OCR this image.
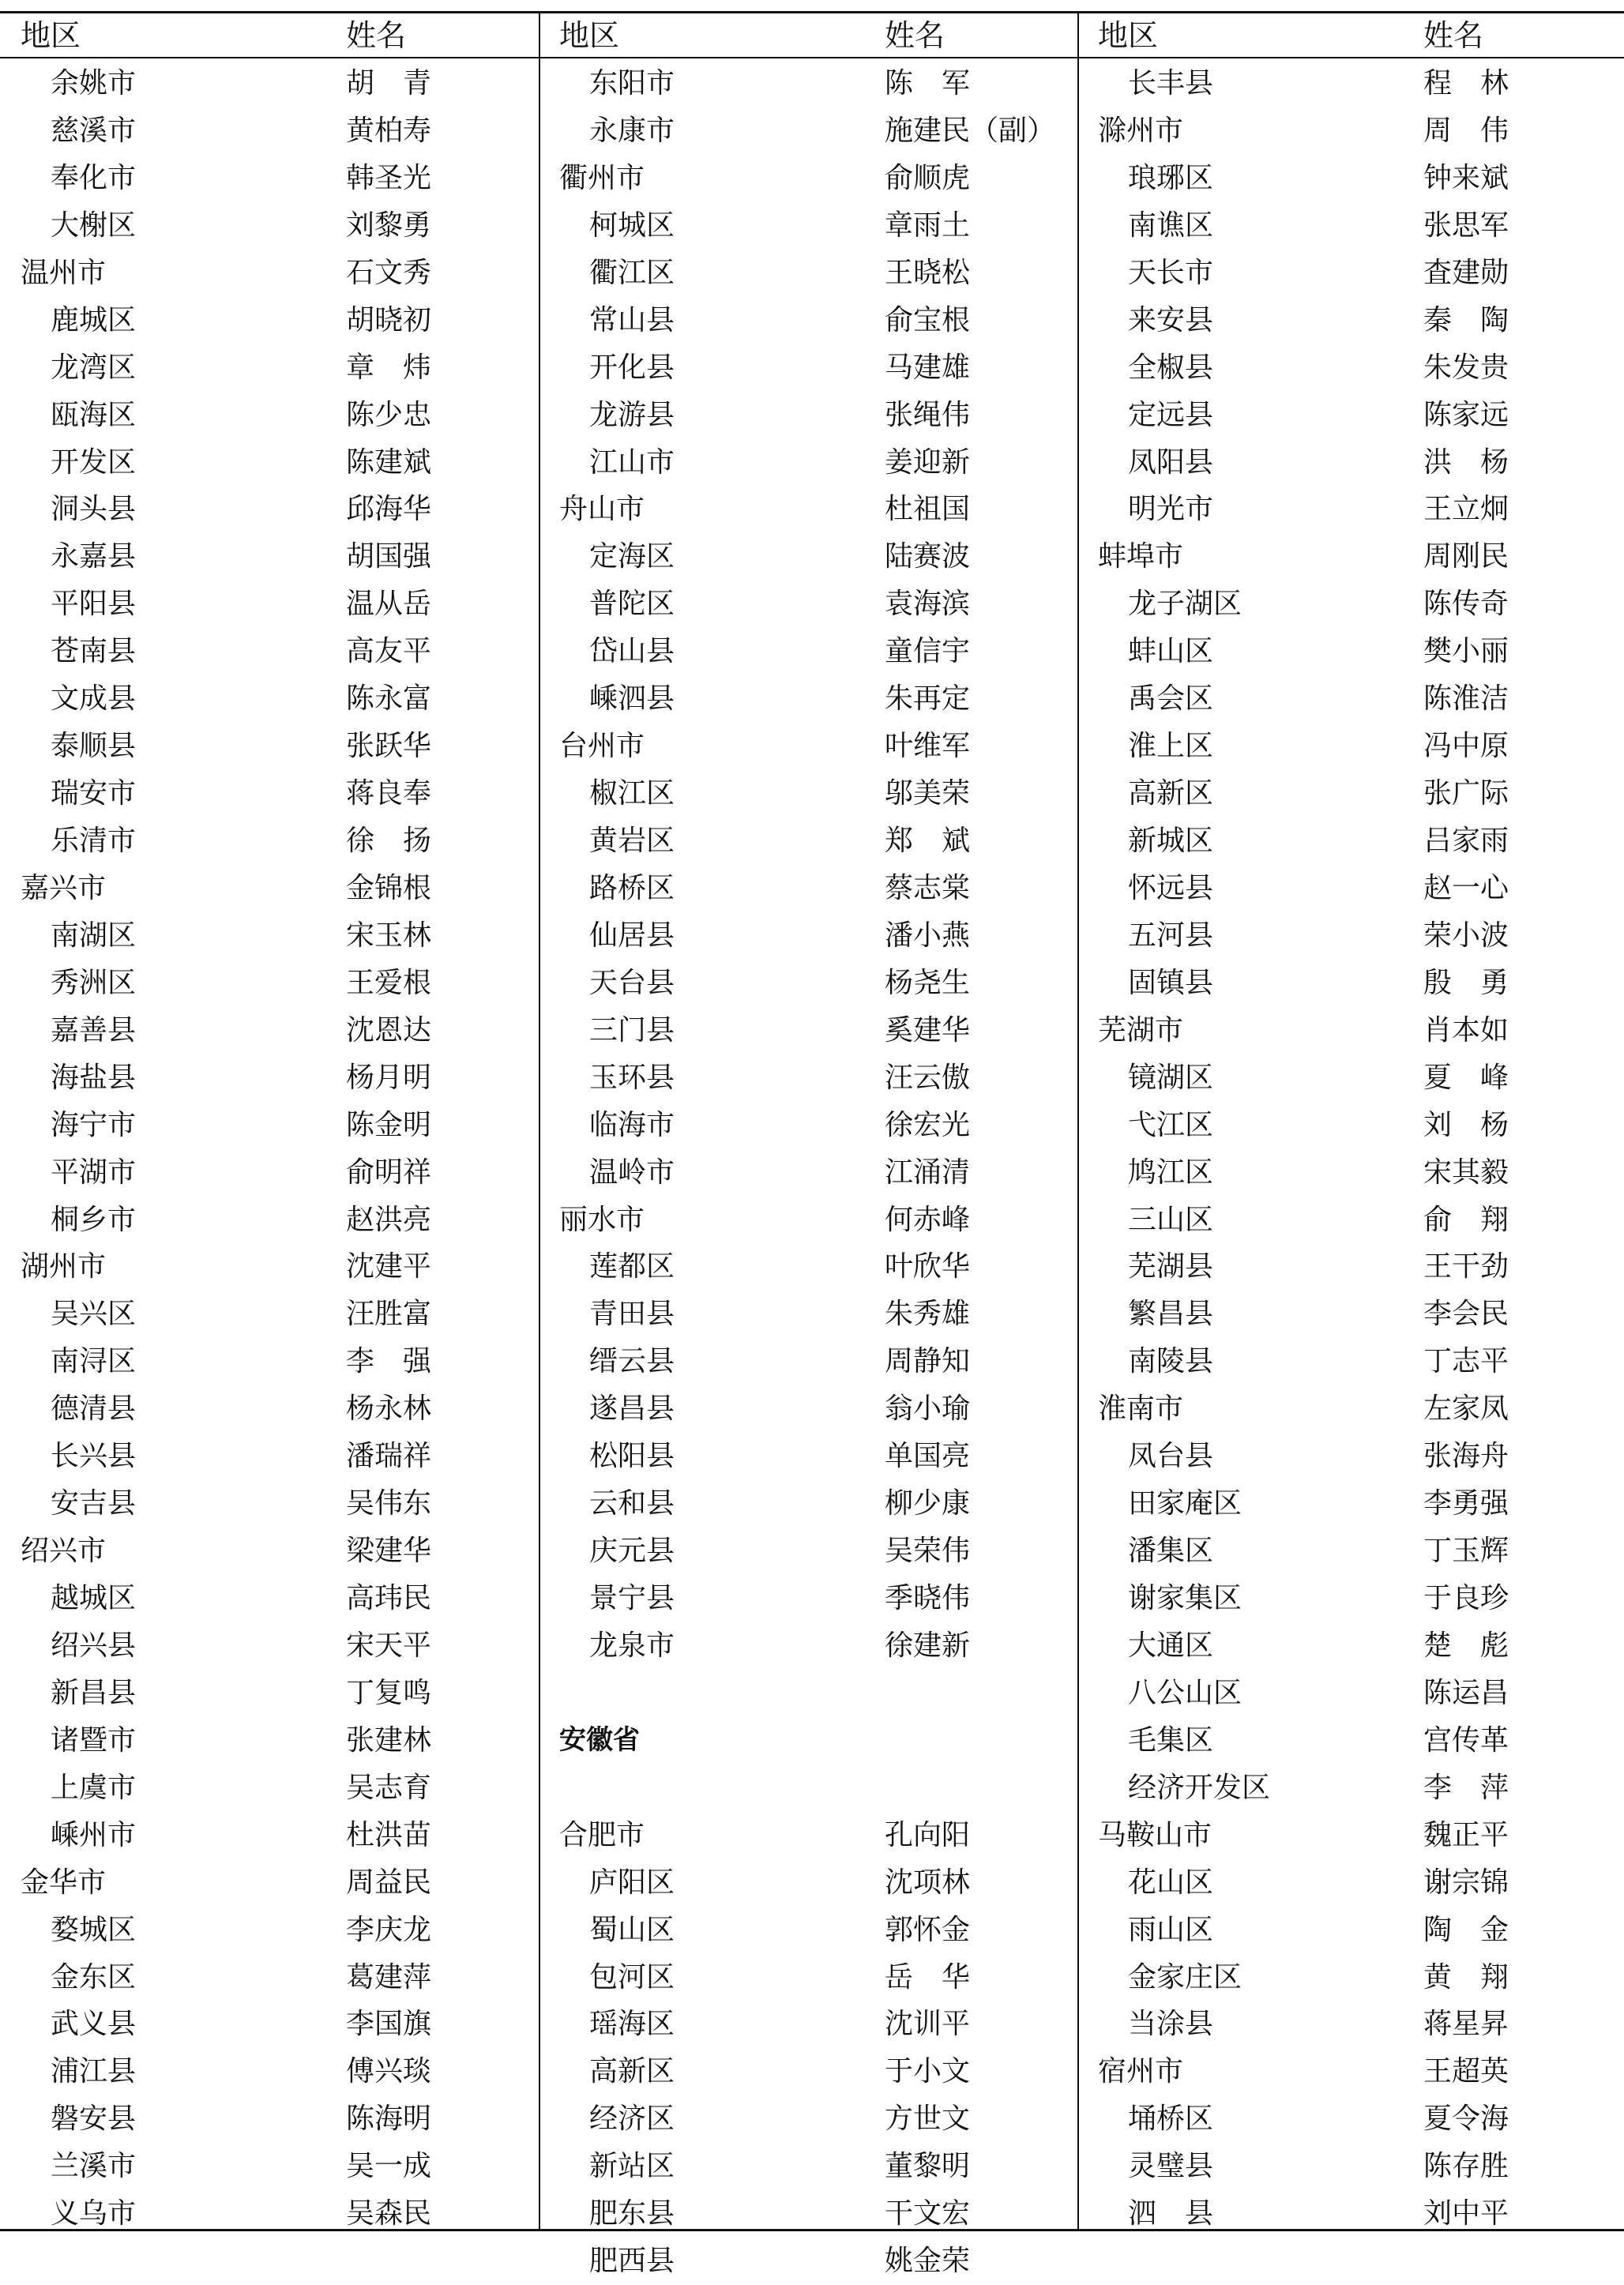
地区	姓名
余姚市	胡　青
慈溪市	黄柏寿
奉化市	韩圣光
大榭区	刘黎勇
温州市	石文秀
鹿城区	胡晓初
龙湾区	章　炜
瓯海区	陈少忠
开发区	陈建斌
洞头县	邱海华
永嘉县	胡国强
平阳县	温从岳
苍南县	高友平
文成县	陈永富
泰顺县	张跃华
瑞安市	蒋良奉
乐清市	徐　扬
嘉兴市	金锦根
南湖区	宋玉林
秀洲区	王爱根
嘉善县	沈恩达
海盐县	杨月明
海宁市	陈金明
平湖市	俞明祥
桐乡市	赵洪亮
湖州市	沈建平
吴兴区	汪胜富
南浔区	李　强
德清县	杨永林
长兴县	潘瑞祥
安吉县	吴伟东
绍兴市	梁建华
越城区	高玮民
绍兴县	宋天平
新昌县	丁复鸣
诸暨市	张建林
上虞市	吴志育
嵊州市	杜洪苗
金华市	周益民
婺城区	李庆龙
金东区	葛建萍
武义县	李国旗
浦江县	傅兴琰
磐安县	陈海明
兰溪市	吴一成
义乌市	吴森民
地区	姓名
东阳市	陈　军
永康市	施建民（副）
衢州市	俞顺虎
柯城区	章雨土
衢江区	王晓松
常山县	俞宝根
开化县	马建雄
龙游县	张绳伟
江山市	姜迎新
舟山市	杜祖国
定海区	陆赛波
普陀区	袁海滨
岱山县	童信宇
嵊泗县	朱再定
台州市	叶维军
椒江区	邬美荣
黄岩区	郑　斌
路桥区	蔡志棠
仙居县	潘小燕
天台县	杨尧生
三门县	奚建华
玉环县	汪云傲
临海市	徐宏光
温岭市	江涌清
丽水市	何赤峰
莲都区	叶欣华
青田县	朱秀雄
缙云县	周静知
遂昌县	翁小瑜
松阳县	单国亮
云和县	柳少康
庆元县	吴荣伟
景宁县	季晓伟
龙泉市	徐建新
安徽省
合肥市	孔向阳
庐阳区	沈项林
蜀山区	郭怀金
包河区	岳　华
瑶海区	沈训平
高新区	于小文
经济区	方世文
新站区	董黎明
肥东县	干文宏
肥西县	姚金荣
地区	姓名
长丰县	程　林
滁州市	周　伟
琅琊区	钟来斌
南谯区	张思军
天长市	査建勋
来安县	秦　陶
全椒县	朱发贵
定远县	陈家远
凤阳县	洪　杨
明光市	王立炯
蚌埠市	周刚民
龙子湖区	陈传奇
蚌山区	樊小丽
禹会区	陈淮洁
淮上区	冯中原
高新区	张广际
新城区	吕家雨
怀远县	赵一心
五河县	荣小波
固镇县	殷　勇
芜湖市	肖本如
镜湖区	夏　峰
弋江区	刘　杨
鸠江区	宋其毅
三山区	俞　翔
芜湖县	王干劲
繁昌县	李会民
南陵县	丁志平
淮南市	左家凤
凤台县	张海舟
田家庵区	李勇强
潘集区	丁玉辉
谢家集区	于良珍
大通区	楚　彪
八公山区	陈运昌
毛集区	宫传革
经济开发区	李　萍
马鞍山市	魏正平
花山区	谢宗锦
雨山区	陶　金
金家庄区	黄　翔
当涂县	蒋星昇
宿州市	王超英
埇桥区	夏令海
灵璧县	陈存胜
泗　县	刘中平
